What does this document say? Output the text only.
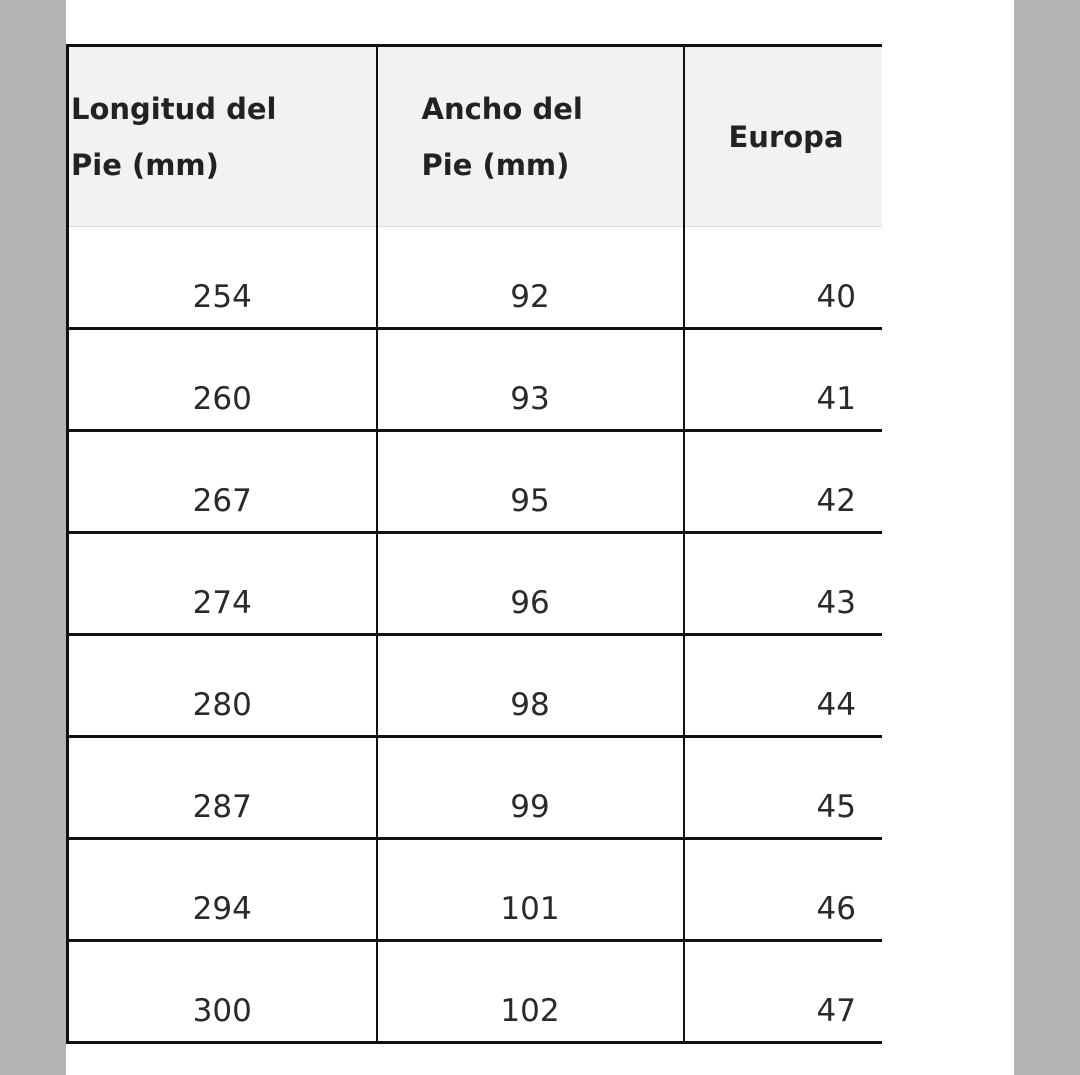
Longitud del Pie (mm)	Ancho del Pie (mm)	Europa

254	92	40
260	93	41
267	95	42
274	96	43
280	98	44
287	99	45
294	101	46
300	102	47
